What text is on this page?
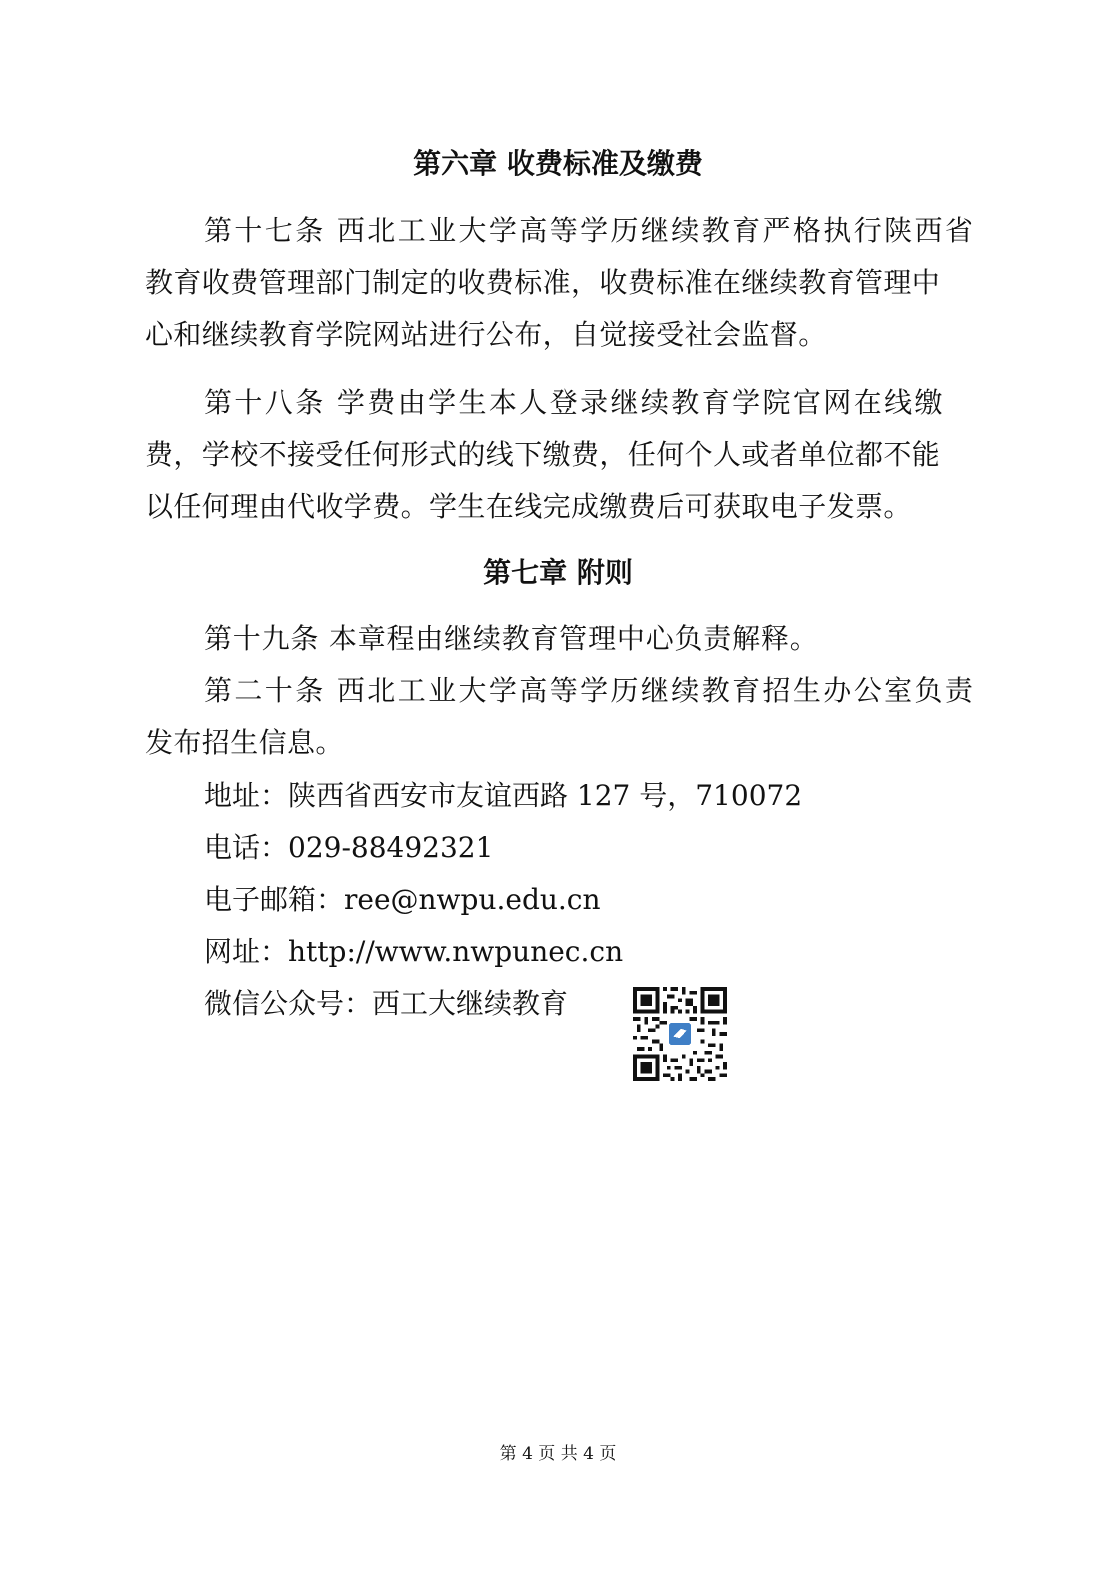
第六章 收费标准及缴费
第十七条 西北工业大学高等学历继续教育严格执行陕西省
教育收费管理部门制定的收费标准，收费标准在继续教育管理中
心和继续教育学院网站进行公布，自觉接受社会监督。
第十八条 学费由学生本人登录继续教育学院官网在线缴
费，学校不接受任何形式的线下缴费，任何个人或者单位都不能
以任何理由代收学费。学生在线完成缴费后可获取电子发票。
第七章 附则
第十九条 本章程由继续教育管理中心负责解释。
第二十条 西北工业大学高等学历继续教育招生办公室负责
发布招生信息。
地址：陕西省西安市友谊西路 127 号，710072
电话：029-88492321
电子邮箱：ree@nwpu.edu.cn
网址：http://www.nwpunec.cn
微信公众号：西工大继续教育
第 4 页 共 4 页
